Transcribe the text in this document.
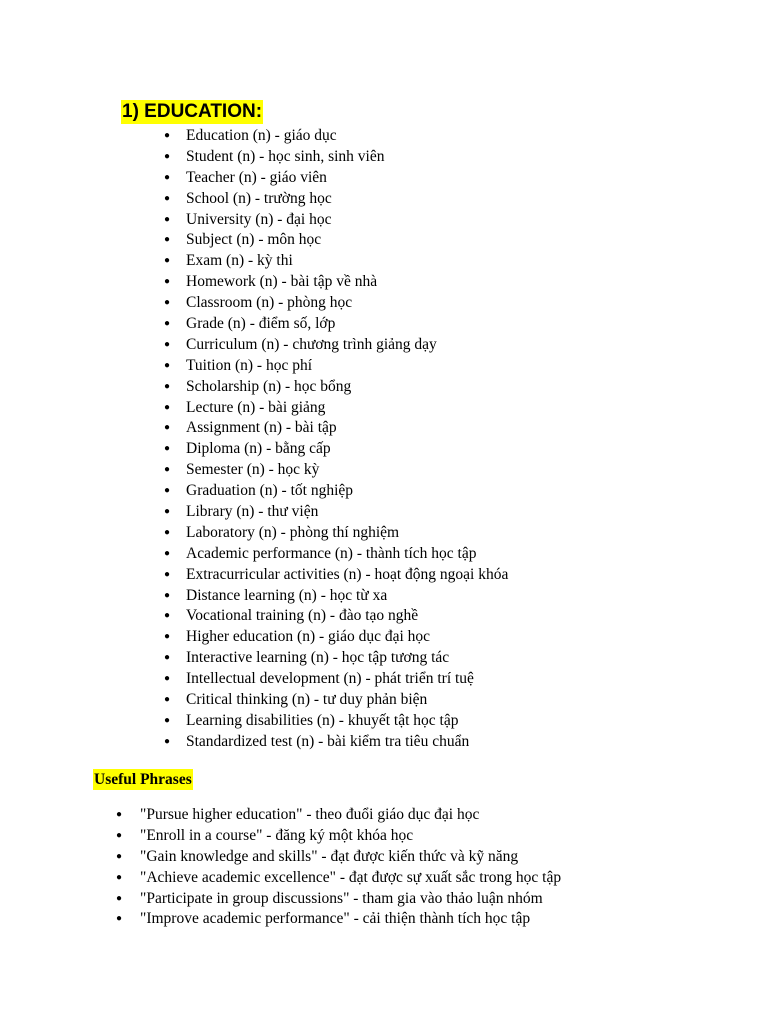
1) EDUCATION:
● Education (n) - giáo dục
● Student (n) - học sinh, sinh viên
● Teacher (n) - giáo viên
● School (n) - trường học
● University (n) - đại học
● Subject (n) - môn học
● Exam (n) - kỳ thi
● Homework (n) - bài tập về nhà
● Classroom (n) - phòng học
● Grade (n) - điểm số, lớp
● Curriculum (n) - chương trình giảng dạy
● Tuition (n) - học phí
● Scholarship (n) - học bổng
● Lecture (n) - bài giảng
● Assignment (n) - bài tập
● Diploma (n) - bằng cấp
● Semester (n) - học kỳ
● Graduation (n) - tốt nghiệp
● Library (n) - thư viện
● Laboratory (n) - phòng thí nghiệm
● Academic performance (n) - thành tích học tập
● Extracurricular activities (n) - hoạt động ngoại khóa
● Distance learning (n) - học từ xa
● Vocational training (n) - đào tạo nghề
● Higher education (n) - giáo dục đại học
● Interactive learning (n) - học tập tương tác
● Intellectual development (n) - phát triển trí tuệ
● Critical thinking (n) - tư duy phản biện
● Learning disabilities (n) - khuyết tật học tập
● Standardized test (n) - bài kiểm tra tiêu chuẩn
Useful Phrases
● "Pursue higher education" - theo đuổi giáo dục đại học
● "Enroll in a course" - đăng ký một khóa học
● "Gain knowledge and skills" - đạt được kiến thức và kỹ năng
● "Achieve academic excellence" - đạt được sự xuất sắc trong học tập
● "Participate in group discussions" - tham gia vào thảo luận nhóm
● "Improve academic performance" - cải thiện thành tích học tập
